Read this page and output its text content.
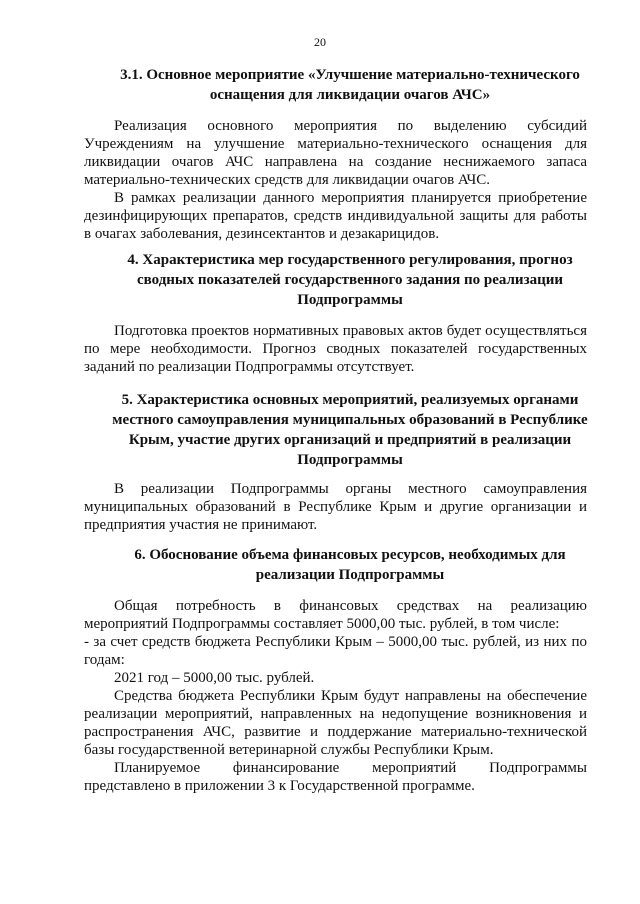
20

3.1. Основное мероприятие «Улучшение материально-технического оснащения для ликвидации очагов АЧС»

Реализация основного мероприятия по выделению субсидий Учреждениям на улучшение материально-технического оснащения для ликвидации очагов АЧС направлена на создание неснижаемого запаса материально-технических средств для ликвидации очагов АЧС.

В рамках реализации данного мероприятия планируется приобретение дезинфицирующих препаратов, средств индивидуальной защиты для работы в очагах заболевания, дезинсектантов и дезакарицидов.

4. Характеристика мер государственного регулирования, прогноз сводных показателей государственного задания по реализации Подпрограммы

Подготовка проектов нормативных правовых актов будет осуществляться по мере необходимости. Прогноз сводных показателей государственных заданий по реализации Подпрограммы отсутствует.

5. Характеристика основных мероприятий, реализуемых органами местного самоуправления муниципальных образований в Республике Крым, участие других организаций и предприятий в реализации Подпрограммы

В реализации Подпрограммы органы местного самоуправления муниципальных образований в Республике Крым и другие организации и предприятия участия не принимают.

6. Обоснование объема финансовых ресурсов, необходимых для реализации Подпрограммы

Общая потребность в финансовых средствах на реализацию мероприятий Подпрограммы составляет 5000,00 тыс. рублей, в том числе:

- за счет средств бюджета Республики Крым – 5000,00 тыс. рублей, из них по годам:

2021 год – 5000,00 тыс. рублей.

Средства бюджета Республики Крым будут направлены на обеспечение реализации мероприятий, направленных на недопущение возникновения и распространения АЧС, развитие и поддержание материально-технической базы государственной ветеринарной службы Республики Крым.

Планируемое финансирование мероприятий Подпрограммы представлено в приложении 3 к Государственной программе.
